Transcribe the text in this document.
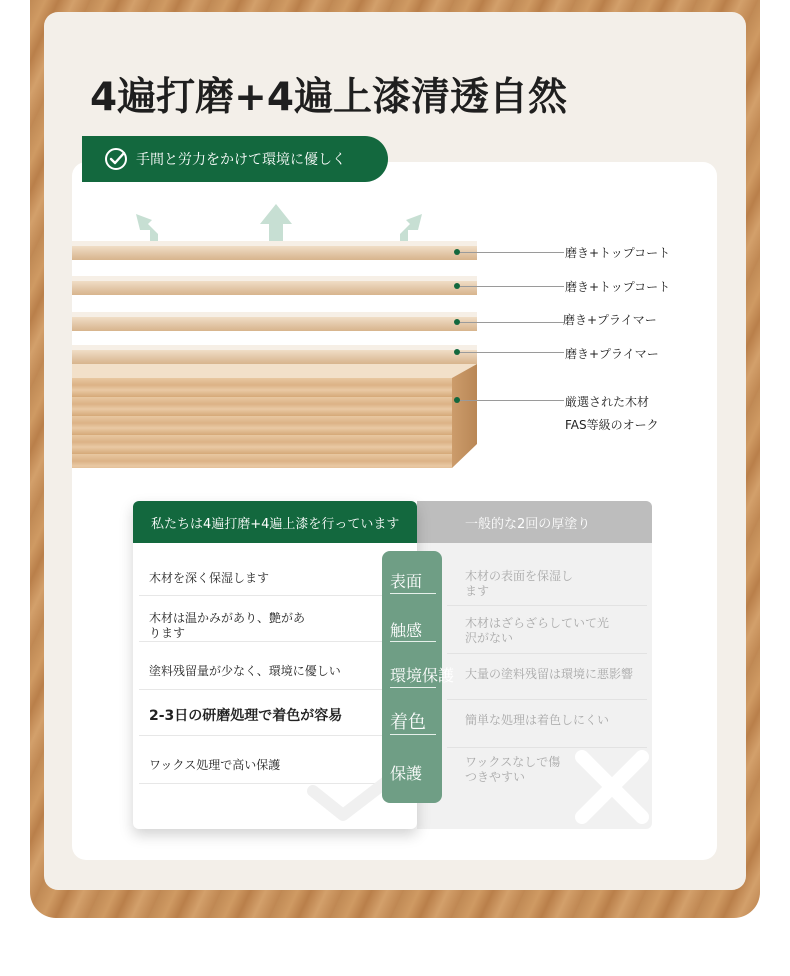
4遍打磨+4遍上漆清透自然
磨き+トップコート
磨き+トップコート
磨き+プライマー
磨き+プライマー
厳選された木材
FAS等級のオーク
手間と労力をかけて環境に優しく
一般的な2回の厚塗り
木材の表面を保湿します
木材はざらざらしていて光沢がない
大量の塗料残留は環境に悪影響
簡単な処理は着色しにくい
ワックスなしで傷つきやすい
私たちは4遍打磨+4遍上漆を行っています
木材を深く保湿します
木材は温かみがあり、艶があります
塗料残留量が少なく、環境に優しい
2-3日の研磨処理で着色が容易
ワックス処理で高い保護
表面
触感
環境保護
着色
保護
